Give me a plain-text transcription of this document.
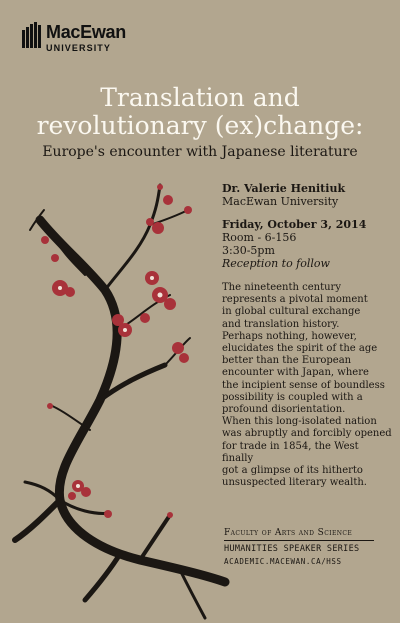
MacEwan
UNIVERSITY
Translation and
revolutionary (ex)change:
Europe's encounter with Japanese literature
Dr. Valerie Henitiuk
MacEwan University
Friday, October 3, 2014
Room - 6-156
3:30-5pm
Reception to follow

The nineteenth century

represents a pivotal moment

in global cultural exchange

and translation history.

Perhaps nothing, however,

elucidates the spirit of the age

better than the European

encounter with Japan, where

the incipient sense of boundless

possibility is coupled with a

profound disorientation.

When this long-isolated nation

was abruptly and forcibly opened

for trade in 1854, the West finally

got a glimpse of its hitherto

unsuspected literary wealth.

Faculty of Arts and Science
HUMANITIES SPEAKER SERIES
ACADEMIC.MACEWAN.CA/HSS
